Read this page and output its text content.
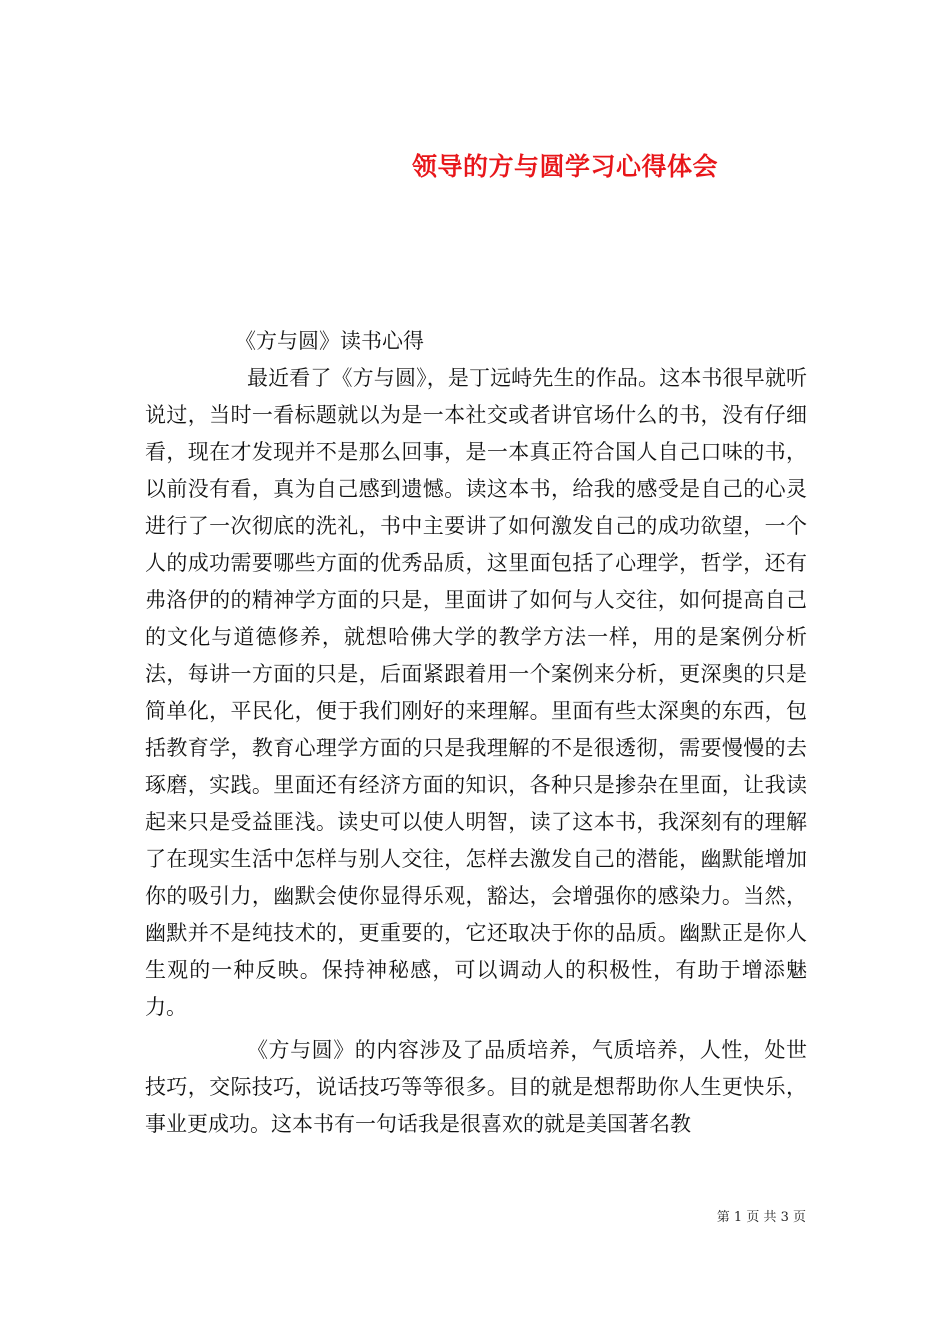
领导的方与圆学习心得体会

《方与圆》读书心得

最近看了《方与圆》，是丁远峙先生的作品。这本书很早就听说过，当时一看标题就以为是一本社交或者讲官场什么的书，没有仔细看，现在才发现并不是那么回事，是一本真正符合国人自己口味的书，以前没有看，真为自己感到遗憾。读这本书，给我的感受是自己的心灵进行了一次彻底的洗礼，书中主要讲了如何激发自己的成功欲望，一个人的成功需要哪些方面的优秀品质，这里面包括了心理学，哲学，还有弗洛伊的的精神学方面的只是，里面讲了如何与人交往，如何提高自己的文化与道德修养，就想哈佛大学的教学方法一样，用的是案例分析法，每讲一方面的只是，后面紧跟着用一个案例来分析，更深奥的只是简单化，平民化，便于我们刚好的来理解。里面有些太深奥的东西，包括教育学，教育心理学方面的只是我理解的不是很透彻，需要慢慢的去琢磨，实践。里面还有经济方面的知识，各种只是掺杂在里面，让我读起来只是受益匪浅。读史可以使人明智，读了这本书，我深刻有的理解了在现实生活中怎样与别人交往，怎样去激发自己的潜能，幽默能增加你的吸引力，幽默会使你显得乐观，豁达，会增强你的感染力。当然，幽默并不是纯技术的，更重要的，它还取决于你的品质。幽默正是你人生观的一种反映。保持神秘感，可以调动人的积极性，有助于增添魅力。

《方与圆》的内容涉及了品质培养，气质培养，人性，处世技巧，交际技巧，说话技巧等等很多。目的就是想帮助你人生更快乐，事业更成功。这本书有一句话我是很喜欢的就是美国著名教

第 1 页 共 3 页
